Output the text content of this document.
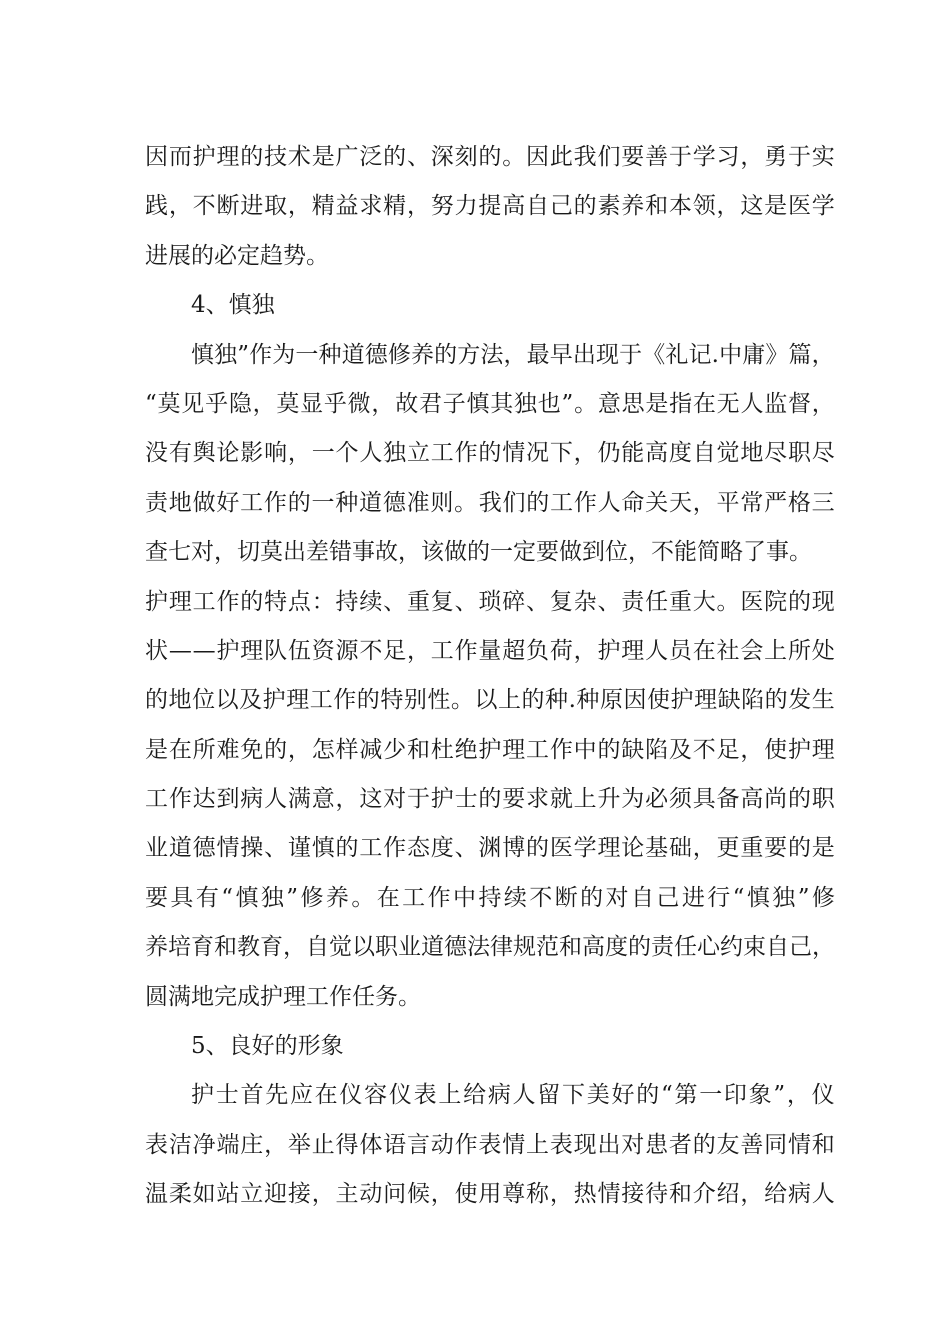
因 而 护 理 的 技 术 是 广 泛 的 、 深 刻 的 。 因 此 我 们 要 善 于 学 习 ， 勇 于 实
践 ， 不 断 进 取 ， 精 益 求 精 ， 努 力 提 高 自 己 的 素 养 和 本 领 ， 这 是 医 学
进展的必定趋势。
4、慎独
慎 独 ” 作 为 一 种 道 德 修 养 的 方 法 ， 最 早 出 现 于 《 礼 记 . 中 庸 》 篇 ，
“ 莫 见 乎 隐 ， 莫 显 乎 微 ， 故 君 子 慎 其 独 也 ” 。 意 思 是 指 在 无 人 监 督 ，
没 有 舆 论 影 响 ， 一 个 人 独 立 工 作 的 情 况 下 ， 仍 能 高 度 自 觉 地 尽 职 尽
责 地 做 好 工 作 的 一 种 道 德 准 则 。 我 们 的 工 作 人 命 关 天 ， 平 常 严 格 三
查七对，切莫出差错事故，该做的一定要做到位，不能简略了事。
护 理 工 作 的 特 点 ： 持 续 、 重 复 、 琐 碎 、 复 杂 、 责 任 重 大 。 医 院 的 现
状 — — 护 理 队 伍 资 源 不 足 ， 工 作 量 超 负 荷 ， 护 理 人 员 在 社 会 上 所 处
的 地 位 以 及 护 理 工 作 的 特 别 性 。 以 上 的 种 . 种 原 因 使 护 理 缺 陷 的 发 生
是 在 所 难 免 的 ， 怎 样 减 少 和 杜 绝 护 理 工 作 中 的 缺 陷 及 不 足 ， 使 护 理
工 作 达 到 病 人 满 意 ， 这 对 于 护 士 的 要 求 就 上 升 为 必 须 具 备 高 尚 的 职
业 道 德 情 操 、 谨 慎 的 工 作 态 度 、 渊 博 的 医 学 理 论 基 础 ， 更 重 要 的 是
要 具 有 “ 慎 独 ” 修 养 。 在 工 作 中 持 续 不 断 的 对 自 己 进 行 “ 慎 独 ” 修
养 培 育 和 教 育 ， 自 觉 以 职 业 道 德 法 律 规 范 和 高 度 的 责 任 心 约 束 自 己 ，
圆满地完成护理工作任务。
5、良好的形象
护 士 首 先 应 在 仪 容 仪 表 上 给 病 人 留 下 美 好 的 “ 第 一 印 象 ” ， 仪
表 洁 净 端 庄 ， 举 止 得 体 语 言 动 作 表 情 上 表 现 出 对 患 者 的 友 善 同 情 和
温 柔 如 站 立 迎 接 ， 主 动 问 候 ， 使 用 尊 称 ， 热 情 接 待 和 介 绍 ， 给 病 人
